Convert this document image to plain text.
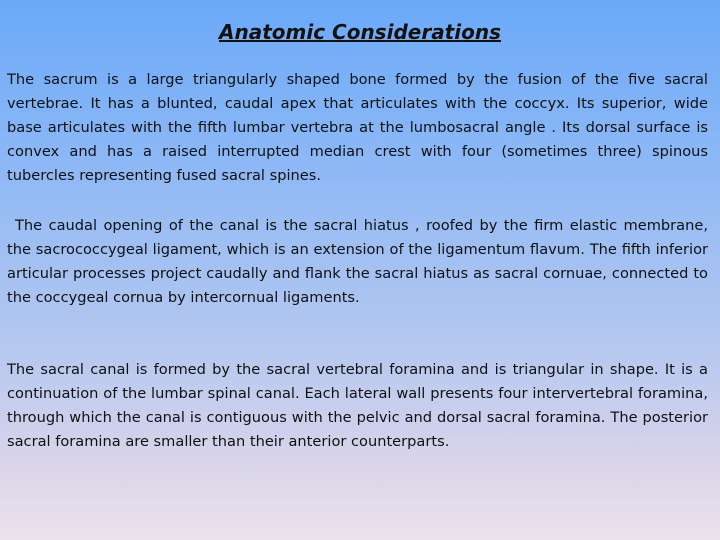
Anatomic Considerations

The sacrum is a large triangularly shaped bone formed by the fusion of the five sacral vertebrae. It has a blunted, caudal apex that articulates with the coccyx. Its superior, wide base articulates with the fifth lumbar vertebra at the lumbosacral angle . Its dorsal surface is convex and has a raised interrupted median crest with four (sometimes three) spinous tubercles representing fused sacral spines.

The caudal opening of the canal is the sacral hiatus , roofed by the firm elastic membrane, the sacrococcygeal ligament, which is an extension of the ligamentum flavum. The fifth inferior articular processes project caudally and flank the sacral hiatus as sacral cornuae, connected to the coccygeal cornua by intercornual ligaments.

The sacral canal is formed by the sacral vertebral foramina and is triangular in shape. It is a continuation of the lumbar spinal canal. Each lateral wall presents four intervertebral foramina, through which the canal is contiguous with the pelvic and dorsal sacral foramina. The posterior sacral foramina are smaller than their anterior counterparts.
